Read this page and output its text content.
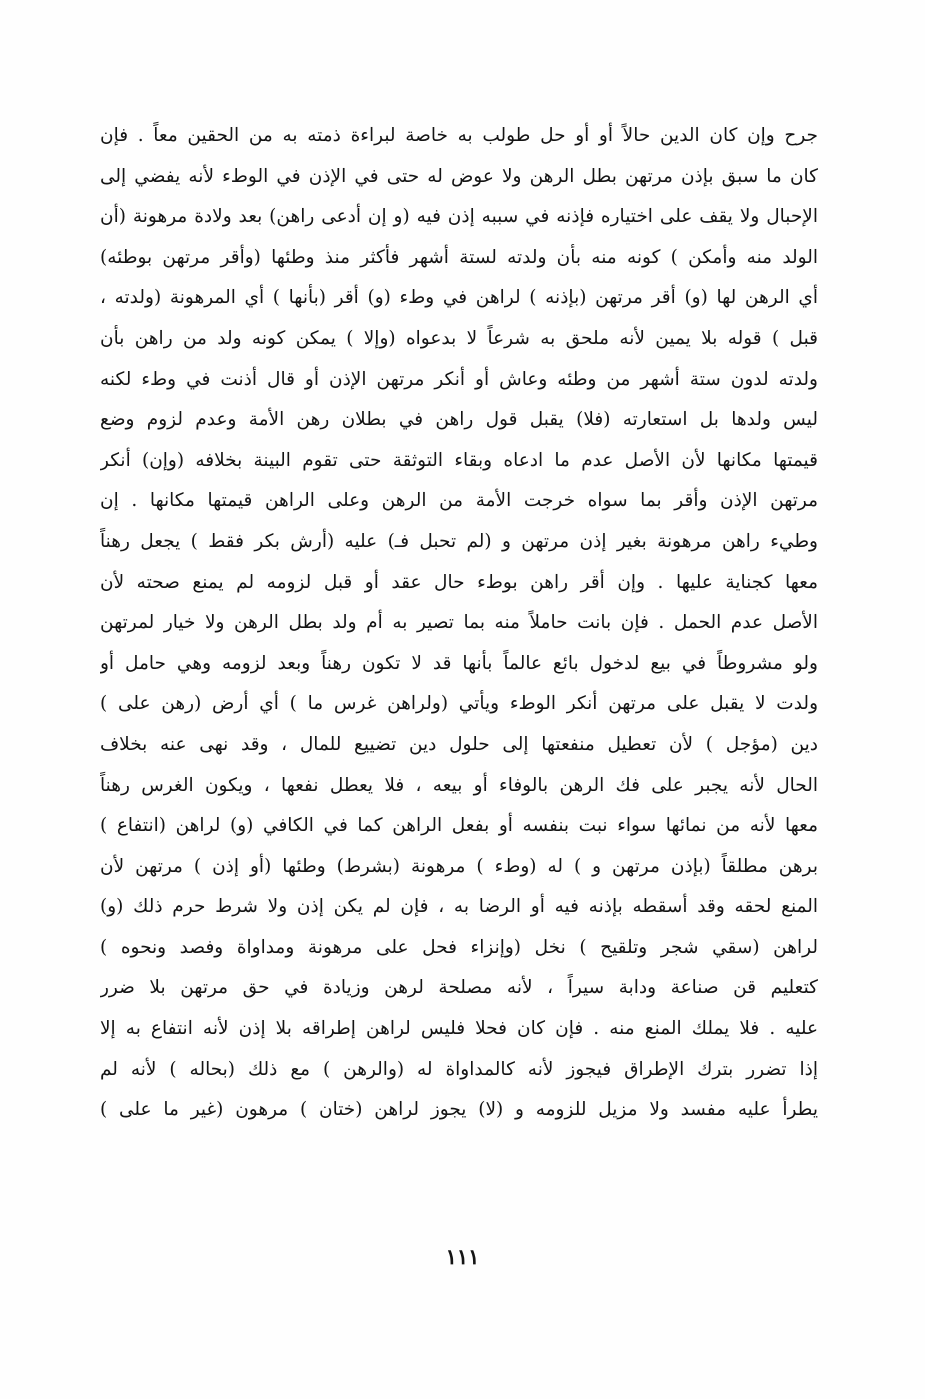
جرح وإن كان الدين حالاً أو أو حل طولب به خاصة لبراءة ذمته به من الحقين معاً . فإن
كان ما سبق بإذن مرتهن بطل الرهن ولا عوض له حتى في الإذن في الوطء لأنه يفضي إلى
الإحبال ولا يقف على اختياره فإذنه في سببه إذن فيه (و إن أدعى راهن) بعد ولادة مرهونة (أن
الولد منه وأمكن ) كونه منه بأن ولدته لستة أشهر فأكثر منذ وطئها (وأقر مرتهن بوطئه)
أي الرهن لها (و) أقر مرتهن (بإذنه ) لراهن في وطء (و) أقر (بأنها ) أي المرهونة (ولدته ،
قبل ) قوله بلا يمين لأنه ملحق به شرعاً لا بدعواه (وإلا ) يمكن كونه ولد من راهن بأن
ولدته لدون ستة أشهر من وطئه وعاش أو أنكر مرتهن الإذن أو قال أذنت في وطء لكنه
ليس ولدها بل استعارته (فلا) يقبل قول راهن في بطلان رهن الأمة وعدم لزوم وضع
قيمتها مكانها لأن الأصل عدم ما ادعاه وبقاء التوثقة حتى تقوم البينة بخلافه (وإن) أنكر
مرتهن الإذن وأقر بما سواه خرجت الأمة من الرهن وعلى الراهن قيمتها مكانها . إن
وطيء راهن مرهونة بغير إذن مرتهن و (لم تحبل فـ) عليه (أرش بكر فقط ) يجعل رهناً
معها كجناية عليها . وإن أقر راهن بوطء حال عقد أو قبل لزومه لم يمنع صحته لأن
الأصل عدم الحمل . فإن بانت حاملاً منه بما تصير به أم ولد بطل الرهن ولا خيار لمرتهن
ولو مشروطاً في بيع لدخول بائع عالماً بأنها قد لا تكون رهناً وبعد لزومه وهي حامل أو
ولدت لا يقبل على مرتهن أنكر الوطء ويأتي (ولراهن غرس ما ) أي أرض (رهن على )
دين (مؤجل ) لأن تعطيل منفعتها إلى حلول دين تضييع للمال ، وقد نهى عنه بخلاف
الحال لأنه يجبر على فك الرهن بالوفاء أو بيعه ، فلا يعطل نفعها ، ويكون الغرس رهناً
معها لأنه من نمائها سواء نبت بنفسه أو بفعل الراهن كما في الكافي (و) لراهن (انتفاع )
برهن مطلقاً (بإذن مرتهن و ) له (وطء ) مرهونة (بشرط) وطئها (أو إذن ) مرتهن لأن
المنع لحقه وقد أسقطه بإذنه فيه أو الرضا به ، فإن لم يكن إذن ولا شرط حرم ذلك (و)
لراهن (سقي شجر وتلقيح ) نخل (وإنزاء فحل على مرهونة ومداواة وفصد ونحوه )
كتعليم قن صناعة ودابة سيراً ، لأنه مصلحة لرهن وزيادة في حق مرتهن بلا ضرر
عليه . فلا يملك المنع منه . فإن كان فحلا فليس لراهن إطراقه بلا إذن لأنه انتفاع به إلا
إذا تضرر بترك الإطراق فيجوز لأنه كالمداواة له (والرهن ) مع ذلك (بحاله ) لأنه لم
يطرأ عليه مفسد ولا مزيل للزومه و (لا) يجوز لراهن (ختان ) مرهون (غير ما على )
١١١
